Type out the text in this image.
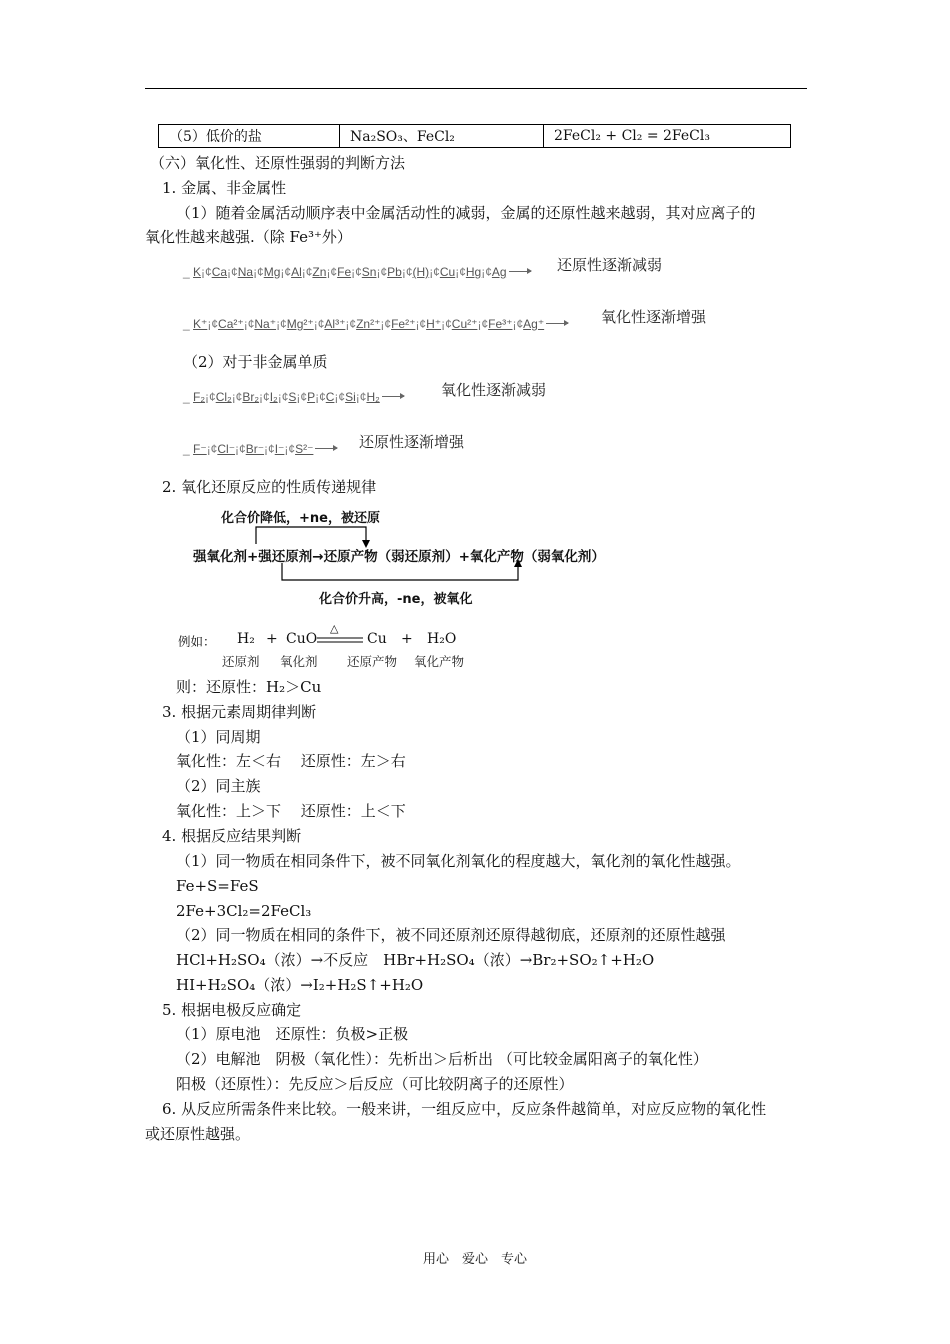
（5）低价的盐	Na₂SO₃、FeCl₂	2FeCl₂ + Cl₂ = 2FeCl₃
（六）氧化性、还原性强弱的判断方法
1. 金属、非金属性
（1）随着金属活动顺序表中金属活动性的减弱，金属的还原性越来越弱，其对应离子的
氧化性越来越强.（除 Fe³⁺外）
_ K¡¢Ca¡¢Na¡¢Mg¡¢Al¡¢Zn¡¢Fe¡¢Sn¡¢Pb¡¢(H)¡¢Cu¡¢Hg¡¢Ag	还原性逐渐减弱
_ K⁺¡¢Ca²⁺¡¢Na⁺¡¢Mg²⁺¡¢Al³⁺¡¢Zn²⁺¡¢Fe²⁺¡¢H⁺¡¢Cu²⁺¡¢Fe³⁺¡¢Ag⁺	氧化性逐渐增强
（2）对于非金属单质
_ F₂¡¢Cl₂¡¢Br₂¡¢I₂¡¢S¡¢P¡¢C¡¢Si¡¢H₂	氧化性逐渐减弱
_ F⁻¡¢Cl⁻¡¢Br⁻¡¢I⁻¡¢S²⁻	还原性逐渐增强
2. 氧化还原反应的性质传递规律
化合价降低，+ne，被还原
强氧化剂+强还原剂→还原产物（弱还原剂）+氧化产物（弱氧化剂）
化合价升高，-ne，被氧化
例如： H₂ + CuO
△
Cu + H₂O
还原剂 氧化剂 还原产物 氧化产物
则：还原性：H₂＞Cu
3. 根据元素周期律判断
（1）同周期
氧化性：左＜右　 还原性：左＞右
（2）同主族
氧化性：上＞下　 还原性：上＜下
4. 根据反应结果判断
（1）同一物质在相同条件下，被不同氧化剂氧化的程度越大，氧化剂的氧化性越强。
Fe+S=FeS
2Fe+3Cl₂=2FeCl₃
（2）同一物质在相同的条件下，被不同还原剂还原得越彻底，还原剂的还原性越强
HCl+H₂SO₄（浓）→不反应　HBr+H₂SO₄（浓）→Br₂+SO₂↑+H₂O
HI+H₂SO₄（浓）→I₂+H₂S↑+H₂O
5. 根据电极反应确定
（1）原电池　还原性：负极>正极
（2）电解池　阴极（氧化性）：先析出＞后析出 （可比较金属阳离子的氧化性）
阳极（还原性）：先反应＞后反应（可比较阴离子的还原性）
6. 从反应所需条件来比较。一般来讲，一组反应中，反应条件越简单，对应反应物的氧化性
或还原性越强。
用心　爱心　专心
